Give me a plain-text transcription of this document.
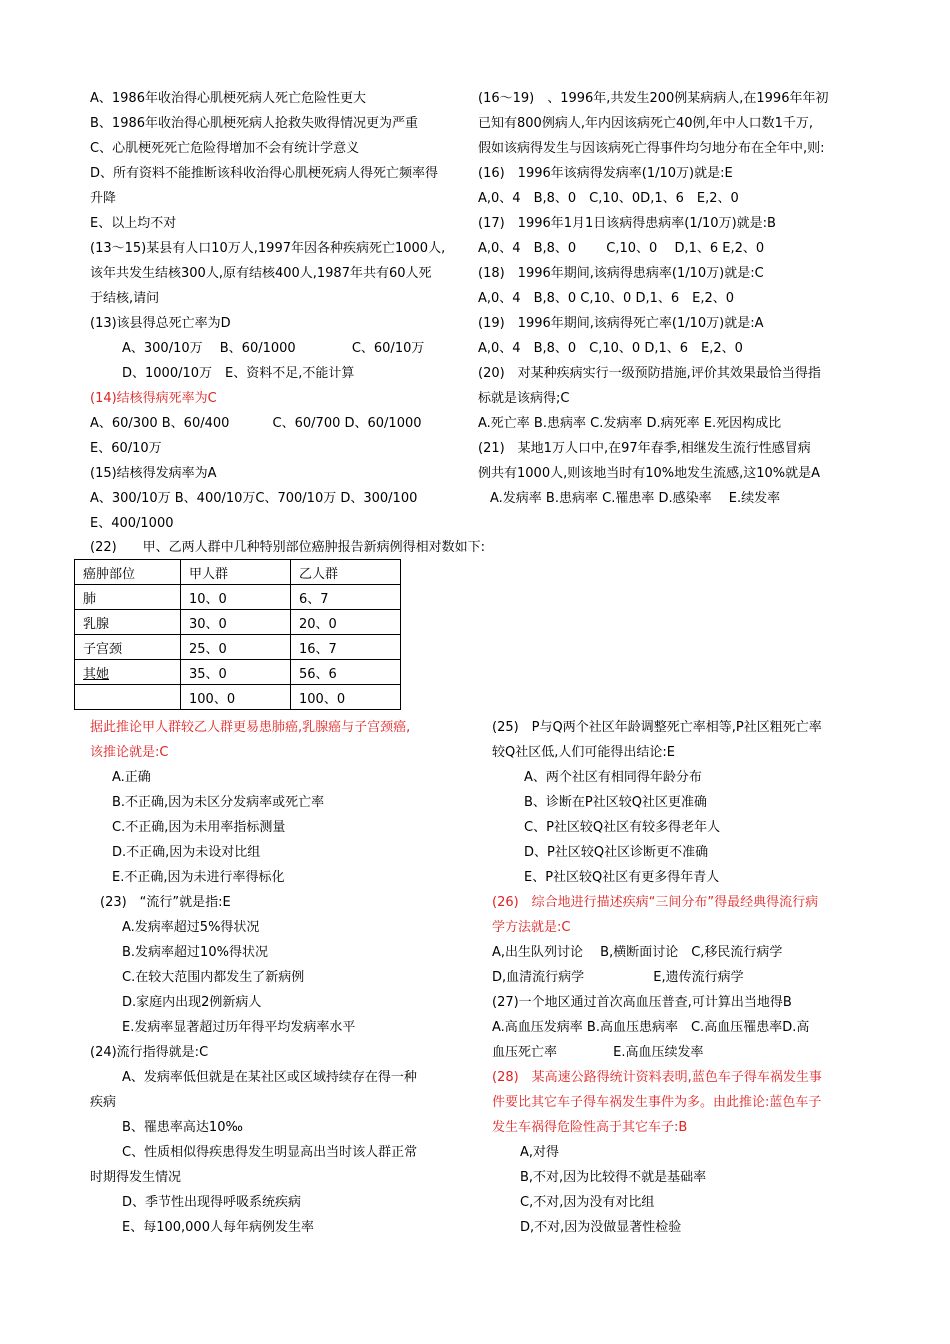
A、1986年收治得心肌梗死病人死亡危险性更大
B、1986年收治得心肌梗死病人抢救失败得情况更为严重
C、心肌梗死死亡危险得增加不会有统计学意义
D、所有资料不能推断该科收治得心肌梗死病人得死亡频率得
升降
E、以上均不对
(13～15)某县有人口10万人,1997年因各种疾病死亡1000人,
该年共发生结核300人,原有结核400人,1987年共有60人死
于结核,请问
(13)该县得总死亡率为D
A、300/10万　 B、60/1000　　　　 C、60/10万
D、1000/10万　E、资料不足,不能计算
(14)结核得病死率为C
A、60/300 B、60/400　　　 C、60/700 D、60/1000
E、60/10万
(15)结核得发病率为A
A、300/10万 B、400/10万C、700/10万 D、300/100
E、400/1000
(16～19)　、1996年,共发生200例某病病人,在1996年年初
已知有800例病人,年内因该病死亡40例,年中人口数1千万,
假如该病得发生与因该病死亡得事件均匀地分布在全年中,则:
(16)　1996年该病得发病率(1/10万)就是:E
A,0、4　B,8、0　C,10、0D,1、6　E,2、0
(17)　1996年1月1日该病得患病率(1/10万)就是:B
A,0、4　B,8、0　　 C,10、0　 D,1、6 E,2、0
(18)　1996年期间,该病得患病率(1/10万)就是:C
A,0、4　B,8、0 C,10、0 D,1、6　E,2、0
(19)　1996年期间,该病得死亡率(1/10万)就是:A
A,0、4　B,8、0　C,10、0 D,1、6　E,2、0
(20)　对某种疾病实行一级预防措施,评价其效果最恰当得指
标就是该病得;C
A.死亡率 B.患病率 C.发病率 D.病死率 E.死因构成比
(21)　某地1万人口中,在97年春季,相继发生流行性感冒病
例共有1000人,则该地当时有10%地发生流感,这10%就是A
A.发病率 B.患病率 C.罹患率 D.感染率　 E.续发率
(22)　　甲、乙两人群中几种特别部位癌肿报告新病例得相对数如下:
癌肿部位	甲人群	乙人群
肺	10、0	6、7
乳腺	30、0	20、0
子宫颈	25、0	16、7
其她	35、0	56、6
	100、0	100、0
据此推论甲人群较乙人群更易患肺癌,乳腺癌与子宫颈癌,
该推论就是:C
A.正确
B.不正确,因为未区分发病率或死亡率
C.不正确,因为未用率指标测量
D.不正确,因为未设对比组
E.不正确,因为未进行率得标化
(23)　“流行”就是指:E
A.发病率超过5%得状况
B.发病率超过10%得状况
C.在较大范围内都发生了新病例
D.家庭内出现2例新病人
E.发病率显著超过历年得平均发病率水平
(24)流行指得就是:C
A、发病率低但就是在某社区或区域持续存在得一种
疾病
B、罹患率高达10‰
C、性质相似得疾患得发生明显高出当时该人群正常
时期得发生情况
D、季节性出现得呼吸系统疾病
E、每100,000人每年病例发生率
(25)　P与Q两个社区年龄调整死亡率相等,P社区粗死亡率
较Q社区低,人们可能得出结论:E
A、两个社区有相同得年龄分布
B、诊断在P社区较Q社区更准确
C、P社区较Q社区有较多得老年人
D、P社区较Q社区诊断更不准确
E、P社区较Q社区有更多得年青人
(26)　综合地进行描述疾病“三间分布”得最经典得流行病
学方法就是:C
A,出生队列讨论　 B,横断面讨论　C,移民流行病学
D,血清流行病学　　　　　 E,遗传流行病学
(27)一个地区通过首次高血压普查,可计算出当地得B
A.高血压发病率 B.高血压患病率　C.高血压罹患率D.高
血压死亡率　　　　 E.高血压续发率
(28)　某高速公路得统计资料表明,蓝色车子得车祸发生事
件要比其它车子得车祸发生事件为多。由此推论:蓝色车子
发生车祸得危险性高于其它车子:B
A,对得
B,不对,因为比较得不就是基础率
C,不对,因为没有对比组
D,不对,因为没做显著性检验
